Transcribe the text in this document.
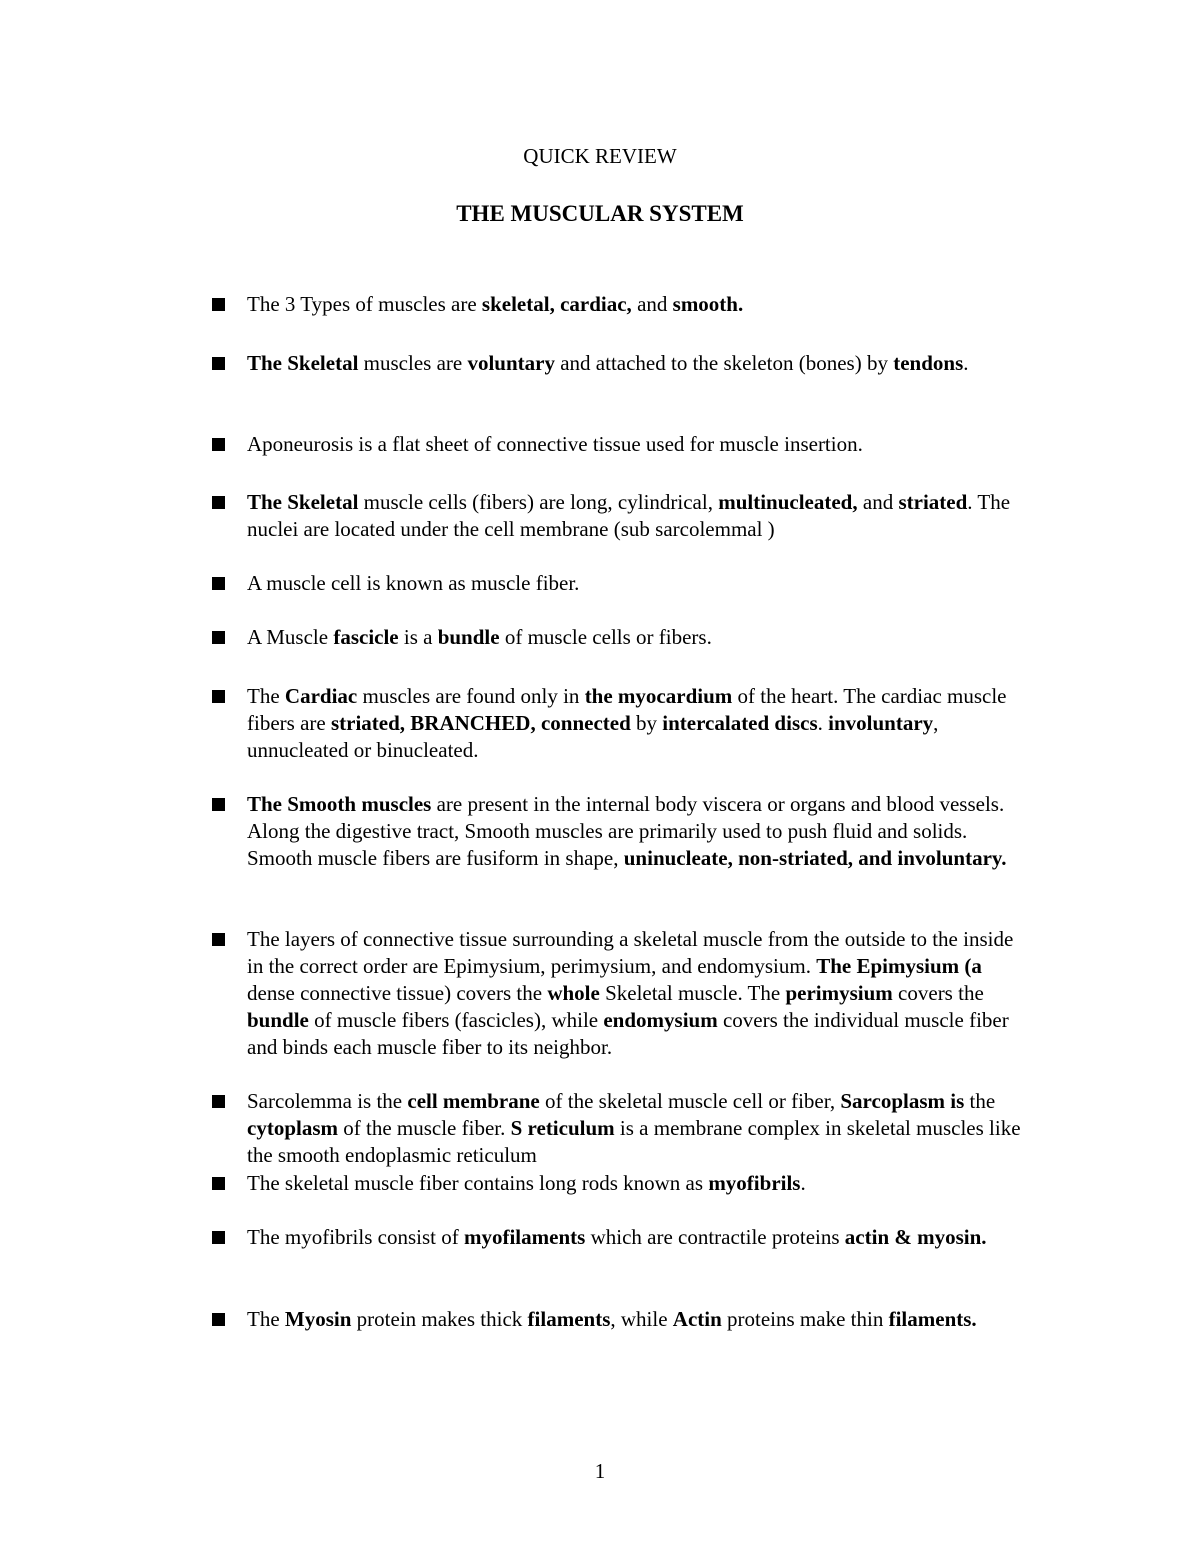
QUICK REVIEW
THE MUSCULAR SYSTEM
The 3 Types of muscles are skeletal, cardiac, and smooth.
The Skeletal muscles are voluntary and attached to the skeleton (bones) by tendons.
Aponeurosis is a flat sheet of connective tissue used for muscle insertion.
The Skeletal muscle cells (fibers) are long, cylindrical, multinucleated, and striated. The nuclei are located under the cell membrane (sub sarcolemmal )
A muscle cell is known as muscle fiber.
A Muscle fascicle is a bundle of muscle cells or fibers.
The Cardiac muscles are found only in the myocardium of the heart. The cardiac muscle fibers are striated, BRANCHED, connected by intercalated discs. involuntary, unnucleated or binucleated.
The Smooth muscles are present in the internal body viscera or organs and blood vessels. Along the digestive tract, Smooth muscles are primarily used to push fluid and solids. Smooth muscle fibers are fusiform in shape, uninucleate, non-striated, and involuntary.
The layers of connective tissue surrounding a skeletal muscle from the outside to the inside in the correct order are Epimysium, perimysium, and endomysium. The Epimysium (a dense connective tissue) covers the whole Skeletal muscle. The perimysium covers the bundle of muscle fibers (fascicles), while endomysium covers the individual muscle fiber and binds each muscle fiber to its neighbor.
Sarcolemma is the cell membrane of the skeletal muscle cell or fiber, Sarcoplasm is the cytoplasm of the muscle fiber. S reticulum is a membrane complex in skeletal muscles like the smooth endoplasmic reticulum
The skeletal muscle fiber contains long rods known as myofibrils.
The myofibrils consist of myofilaments which are contractile proteins actin & myosin.
The Myosin protein makes thick filaments, while Actin proteins make thin filaments.
1
